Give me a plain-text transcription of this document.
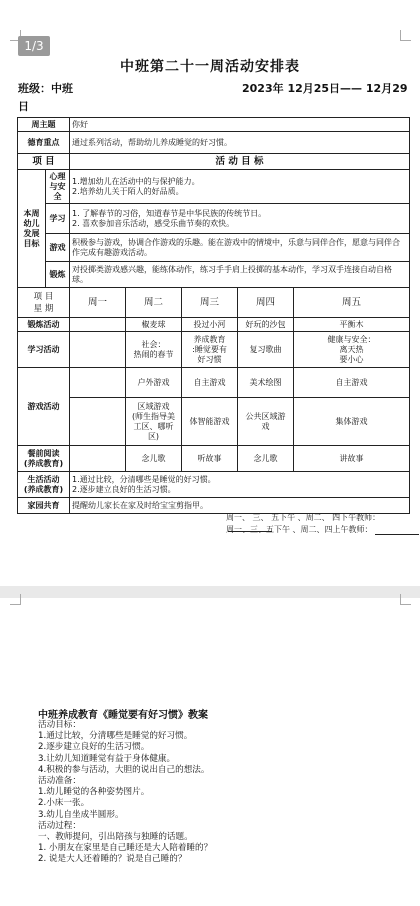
1/3
中班第二十一周活动安排表
班级：中班	2023年 12月25日—— 12月29
日
周主题		你好				
德育重点		通过系列活动，帮助幼儿养成睡觉的好习惯。				
项 目		活 动 目 标				
本周幼儿发展目标	心理与安全	1.增加幼儿在活动中的与保护能力。
2.培养幼儿关于陌人的好品质。				
	学习	1. 了解春节的习俗，知道春节是中华民族的传统节日。
2. 喜欢参加音乐活动，感受乐曲节奏的欢快。				
	游戏	积极参与游戏，协调合作游戏的乐趣。能在游戏中的情境中，乐意与同伴合作，愿意与同伴合作完成有趣游戏活动。				
	锻炼	对投掷类游戏感兴趣，能练体动作，练习手手肩上投掷的基本动作，学习双手连接自动自格球。				

项 目
星 期		周一	周二	周三	周四	周五
锻炼活动			椒麦球	投过小河	好玩的沙包	平衡木
学习活动			社会：
热闹的春节	养成教育
:睡觉要有
好习惯	复习歌曲	健康与安全：
离天热
要小心
游戏活动			户外游戏	自主游戏	美术绘图	自主游戏
			区域游戏
(师生指导美
工区、哪听
区)	体智能游戏	公共区域游
戏	集体游戏
餐前阅读
(养成教育)			念儿歌	听故事	念儿歌	讲故事
生活活动
(养成教育)		1.通过比较，分清哪些是睡觉的好习惯。
2.逐步建立良好的生活习惯。				
家园共育		提醒幼儿家长在家及时给宝宝剪指甲。				
周一、 三、 五下午 、周二、 四下午教师：
周一、三、五下午 、周二、四上午教师：
中班养成教育《睡觉要有好习惯》教案
活动目标：
1.通过比较，分清哪些是睡觉的好习惯。
2.逐步建立良好的生活习惯。
3.让幼儿知道睡觉有益于身体健康。
4.积极的参与活动，大胆的说出自己的想法。
活动准备：
1.幼儿睡觉的各种姿势图片。
2.小床一张。
3.幼儿自坐成半圆形。
活动过程：
一、教师提问，引出陪孩与独睡的话题。
1. 小朋友在家里是自己睡还是大人陪着睡的？
2. 说是大人还着睡的？说是自己睡的？
